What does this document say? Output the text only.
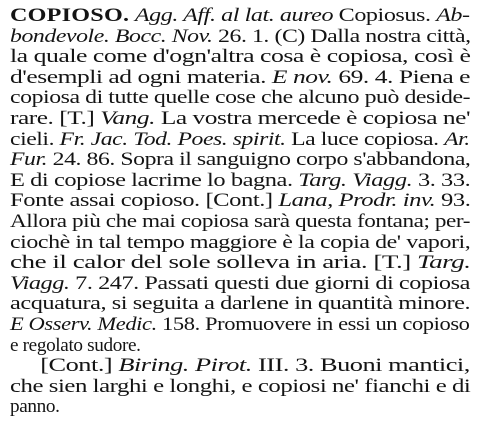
COPIOSO. Agg. Aff. al lat. aureo Copiosus. Ab-
bondevole. Bocc. Nov. 26. 1. (C) Dalla nostra città,
la quale come d'ogn'altra cosa è copiosa, così è
d'esempli ad ogni materia. E nov. 69. 4. Piena e
copiosa di tutte quelle cose che alcuno può deside-
rare. [T.] Vang. La vostra mercede è copiosa ne'
cieli. Fr. Jac. Tod. Poes. spirit. La luce copiosa. Ar.
Fur. 24. 86. Sopra il sanguigno corpo s'abbandona,
E di copiose lacrime lo bagna. Targ. Viagg. 3. 33.
Fonte assai copioso. [Cont.] Lana, Prodr. inv. 93.
Allora più che mai copiosa sarà questa fontana; per-
ciochè in tal tempo maggiore è la copia de' vapori,
che il calor del sole solleva in aria. [T.] Targ.
Viagg. 7. 247. Passati questi due giorni di copiosa
acquatura, si seguita a darlene in quantità minore.
E Osserv. Medic. 158. Promuovere in essi un copioso
e regolato sudore.
[Cont.] Biring. Pirot. III. 3. Buoni mantici,
che sien larghi e longhi, e copiosi ne' fianchi e di
panno.
